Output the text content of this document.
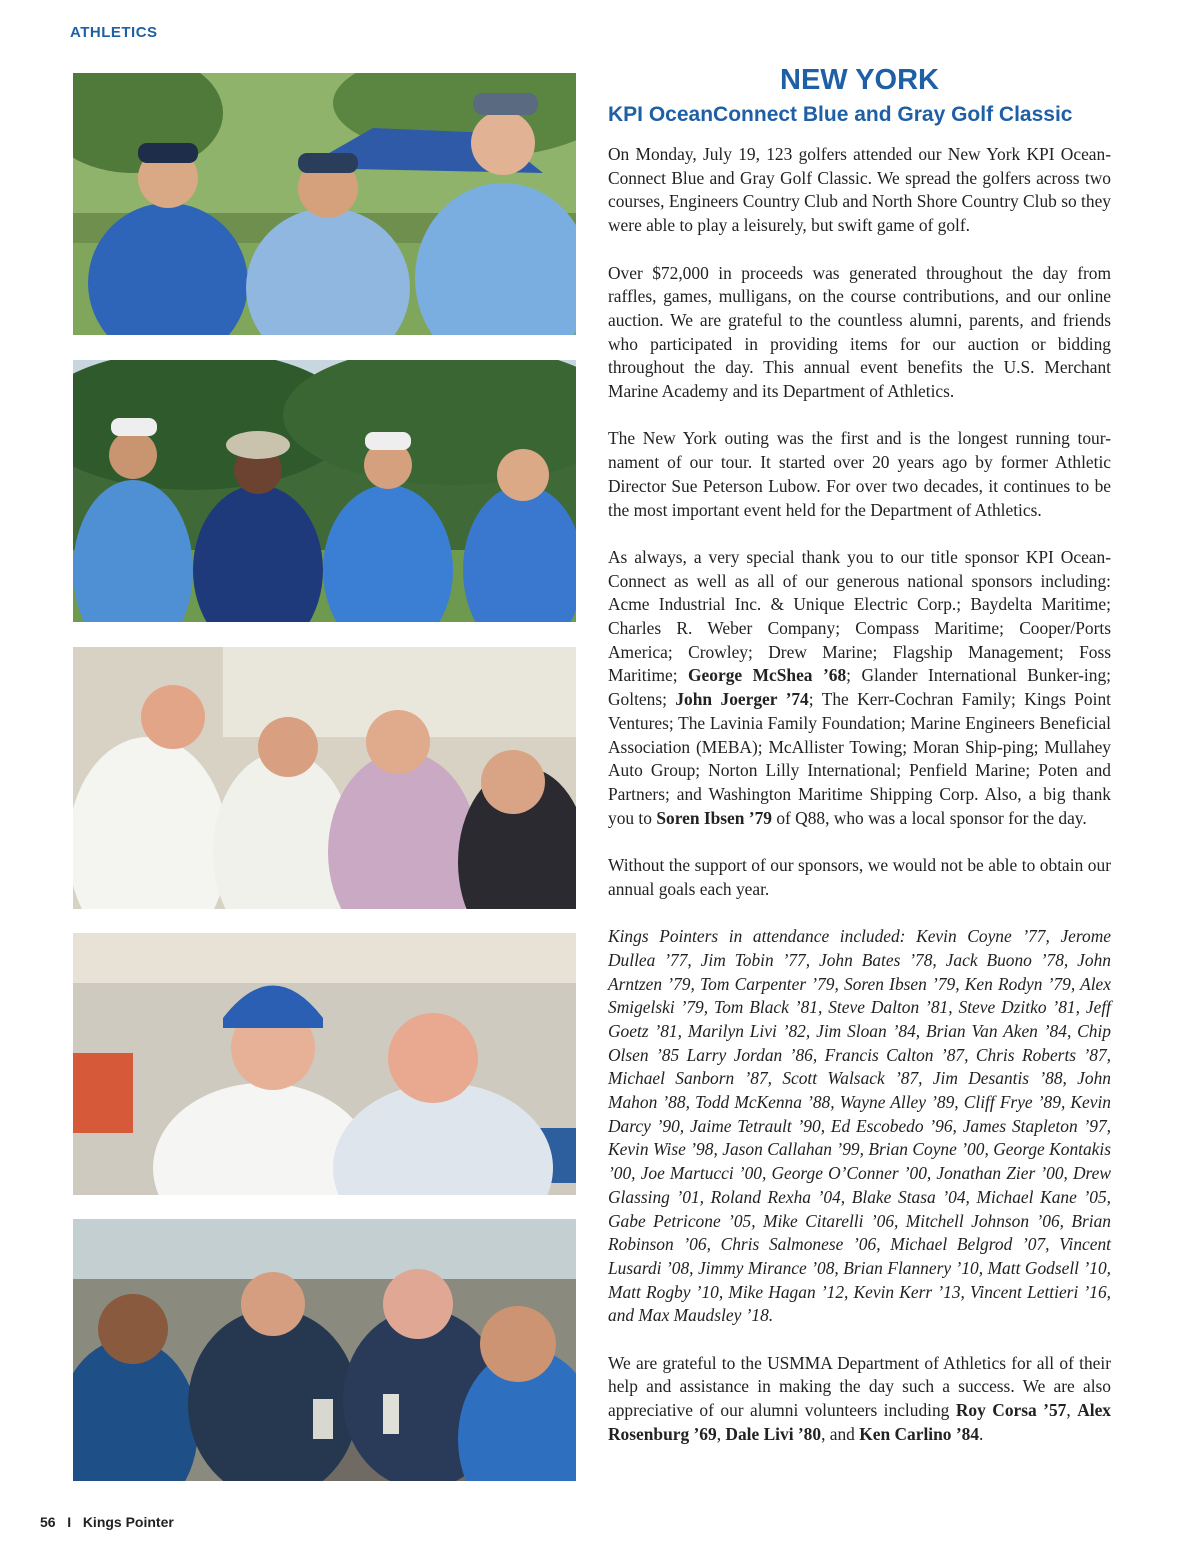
ATHLETICS
NEW YORK
KPI OceanConnect Blue and Gray Golf Classic

On Monday, July 19, 123 golfers attended our New York KPI Ocean-Connect Blue and Gray Golf Classic. We spread the golfers across two courses, Engineers Country Club and North Shore Country Club so they were able to play a leisurely, but swift game of golf.

Over $72,000 in proceeds was generated throughout the day from raffles, games, mulligans, on the course contributions, and our online auction. We are grateful to the countless alumni, parents, and friends who participated in providing items for our auction or bidding throughout the day. This annual event benefits the U.S. Merchant Marine Academy and its Department of Athletics.

The New York outing was the first and is the longest running tour-nament of our tour. It started over 20 years ago by former Athletic Director Sue Peterson Lubow. For over two decades, it continues to be the most important event held for the Department of Athletics.

As always, a very special thank you to our title sponsor KPI Ocean-Connect as well as all of our generous national sponsors including: Acme Industrial Inc. & Unique Electric Corp.; Baydelta Maritime; Charles R. Weber Company; Compass Maritime; Cooper/Ports America; Crowley; Drew Marine; Flagship Management; Foss Maritime; George McShea ’68; Glander International Bunker-ing; Goltens; John Joerger ’74; The Kerr-Cochran Family; Kings Point Ventures; The Lavinia Family Foundation; Marine Engineers Beneficial Association (MEBA); McAllister Towing; Moran Ship-ping; Mullahey Auto Group; Norton Lilly International; Penfield Marine; Poten and Partners; and Washington Maritime Shipping Corp. Also, a big thank you to Soren Ibsen ’79 of Q88, who was a local sponsor for the day.

Without the support of our sponsors, we would not be able to obtain our annual goals each year.

Kings Pointers in attendance included: Kevin Coyne ’77, Jerome Dullea ’77, Jim Tobin ’77, John Bates ’78, Jack Buono ’78, John Arntzen ’79, Tom Carpenter ’79, Soren Ibsen ’79, Ken Rodyn ’79, Alex Smigelski ’79, Tom Black ’81, Steve Dalton ’81, Steve Dzitko ’81, Jeff Goetz ’81, Marilyn Livi ’82, Jim Sloan ’84, Brian Van Aken ’84, Chip Olsen ’85 Larry Jordan ’86, Francis Calton ’87, Chris Roberts ’87, Michael Sanborn ’87, Scott Walsack ’87, Jim Desantis ’88, John Mahon ’88, Todd McKenna ’88, Wayne Alley ’89, Cliff Frye ’89, Kevin Darcy ’90, Jaime Tetrault ’90, Ed Escobedo ’96, James Stapleton ’97, Kevin Wise ’98, Jason Callahan ’99, Brian Coyne ’00, George Kontakis ’00, Joe Martucci ’00, George O’Conner ’00, Jonathan Zier ’00, Drew Glassing ’01, Roland Rexha ’04, Blake Stasa ’04, Michael Kane ’05, Gabe Petricone ’05, Mike Citarelli ’06, Mitchell Johnson ’06, Brian Robinson ’06, Chris Salmonese ’06, Michael Belgrod ’07, Vincent Lusardi ’08, Jimmy Mirance ’08, Brian Flannery ’10, Matt Godsell ’10, Matt Rogby ’10, Mike Hagan ’12, Kevin Kerr ’13, Vincent Lettieri ’16, and Max Maudsley ’18.

We are grateful to the USMMA Department of Athletics for all of their help and assistance in making the day such a success. We are also appreciative of our alumni volunteers including Roy Corsa ’57, Alex Rosenburg ’69, Dale Livi ’80, and Ken Carlino ’84.

56 I Kings Pointer
